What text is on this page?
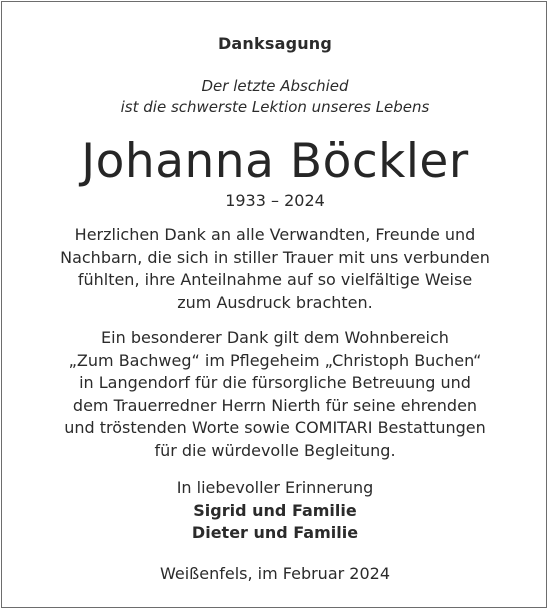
Danksagung
Der letzte Abschied
ist die schwerste Lektion unseres Lebens
Johanna Böckler
1933 – 2024
Herzlichen Dank an alle Verwandten, Freunde und
Nachbarn, die sich in stiller Trauer mit uns verbunden
fühlten, ihre Anteilnahme auf so vielfältige Weise
zum Ausdruck brachten.
Ein besonderer Dank gilt dem Wohnbereich
„Zum Bachweg“ im Pflegeheim „Christoph Buchen“
in Langendorf für die fürsorgliche Betreuung und
dem Trauerredner Herrn Nierth für seine ehrenden
und tröstenden Worte sowie COMITARI Bestattungen
für die würdevolle Begleitung.
In liebevoller Erinnerung
Sigrid und Familie
Dieter und Familie
Weißenfels, im Februar 2024
